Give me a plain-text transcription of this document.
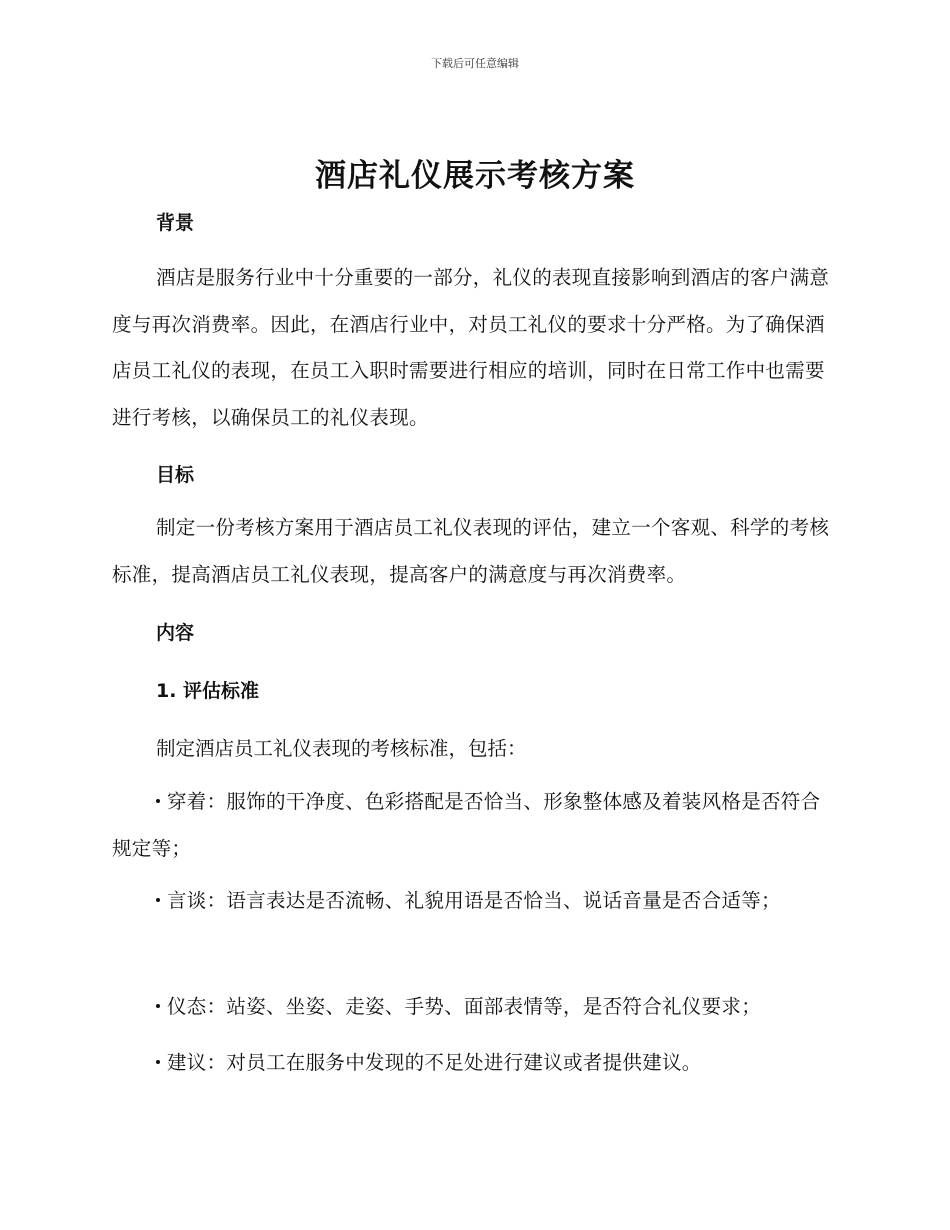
下载后可任意编辑
酒店礼仪展示考核方案
背景
酒店是服务行业中十分重要的一部分，礼仪的表现直接影响到酒店的客户满意度与再次消费率。因此，在酒店行业中，对员工礼仪的要求十分严格。为了确保酒店员工礼仪的表现，在员工入职时需要进行相应的培训，同时在日常工作中也需要进行考核，以确保员工的礼仪表现。
目标
制定一份考核方案用于酒店员工礼仪表现的评估，建立一个客观、科学的考核标准，提高酒店员工礼仪表现，提高客户的满意度与再次消费率。
内容
1. 评估标准
制定酒店员工礼仪表现的考核标准，包括：
穿着：服饰的干净度、色彩搭配是否恰当、形象整体感及着装风格是否符合规定等；
言谈：语言表达是否流畅、礼貌用语是否恰当、说话音量是否合适等；
仪态：站姿、坐姿、走姿、手势、面部表情等，是否符合礼仪要求；
建议：对员工在服务中发现的不足处进行建议或者提供建议。
